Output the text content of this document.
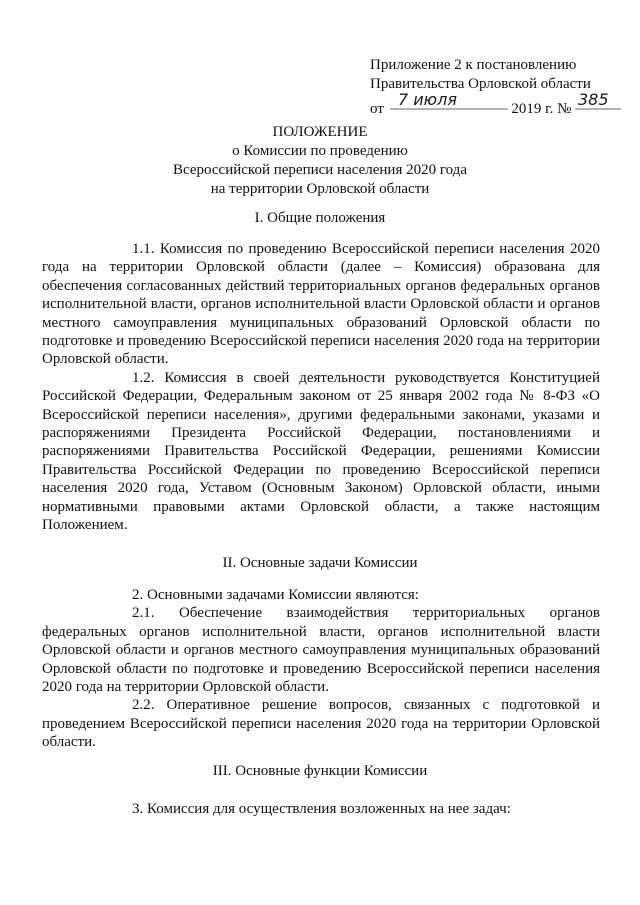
Приложение 2 к постановлению
Правительства Орловской области
от 7 июля	2019 г. № 385
ПОЛОЖЕНИЕ
о Комиссии по проведению
Всероссийской переписи населения 2020 года
на территории Орловской области
I. Общие положения

1.1. Комиссия по проведению Всероссийской переписи населения 2020 года на территории Орловской области (далее – Комиссия) образована для обеспечения согласованных действий территориальных органов федеральных органов исполнительной власти, органов исполнительной власти Орловской области и органов местного самоуправления муниципальных образований Орловской области по подготовке и проведению Всероссийской переписи населения 2020 года на территории Орловской области.

1.2. Комиссия в своей деятельности руководствуется Конституцией Российской Федерации, Федеральным законом от 25 января 2002 года № 8-ФЗ «О Всероссийской переписи населения», другими федеральными законами, указами и распоряжениями Президента Российской Федерации, постановлениями и распоряжениями Правительства Российской Федерации, решениями Комиссии Правительства Российской Федерации по проведению Всероссийской переписи населения 2020 года, Уставом (Основным Законом) Орловской области, иными нормативными правовыми актами Орловской области, а также настоящим Положением.

II. Основные задачи Комиссии

2. Основными задачами Комиссии являются:

2.1. Обеспечение взаимодействия территориальных органов федеральных органов исполнительной власти, органов исполнительной власти Орловской области и органов местного самоуправления муниципальных образований Орловской области по подготовке и проведению Всероссийской переписи населения 2020 года на территории Орловской области.

2.2. Оперативное решение вопросов, связанных с подготовкой и проведением Всероссийской переписи населения 2020 года на территории Орловской области.

III. Основные функции Комиссии

3. Комиссия для осуществления возложенных на нее задач:
